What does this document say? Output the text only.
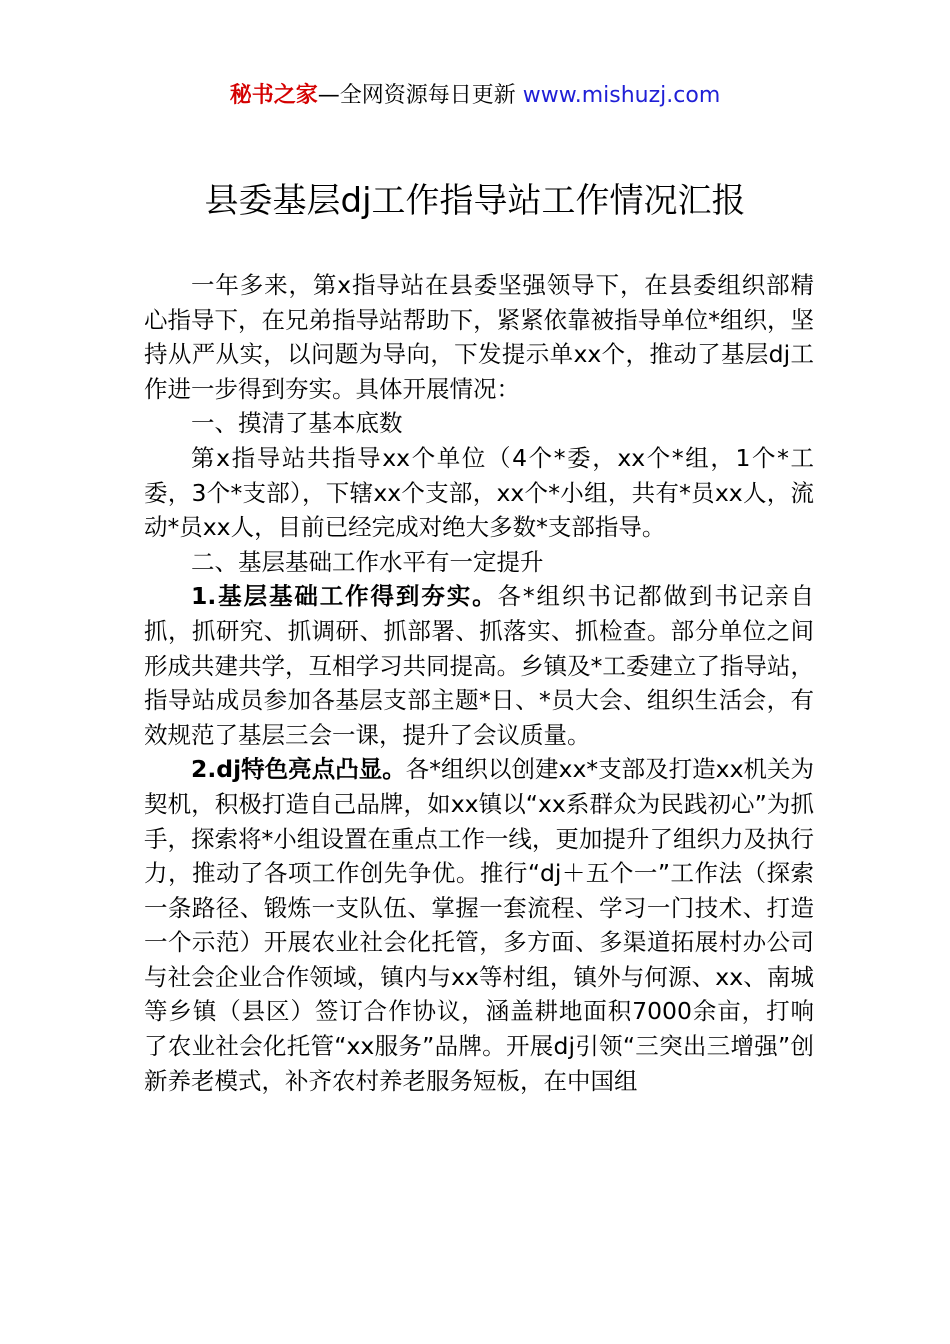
秘书之家—全网资源每日更新 www.mishuzj.com
县委基层dj工作指导站工作情况汇报

一年多来，第x指导站在县委坚强领导下，在县委组织部精心指导下，在兄弟指导站帮助下，紧紧依靠被指导单位*组织，坚持从严从实，以问题为导向，下发提示单xx个，推动了基层dj工作进一步得到夯实。具体开展情况：

一、摸清了基本底数

第x指导站共指导xx个单位（4个*委，xx个*组，1个*工委，3个*支部），下辖xx个支部，xx个*小组，共有*员xx人，流动*员xx人，目前已经完成对绝大多数*支部指导。

二、基层基础工作水平有一定提升

1.基层基础工作得到夯实。各*组织书记都做到书记亲自抓，抓研究、抓调研、抓部署、抓落实、抓检查。部分单位之间形成共建共学，互相学习共同提高。乡镇及*工委建立了指导站，指导站成员参加各基层支部主题*日、*员大会、组织生活会，有效规范了基层三会一课，提升了会议质量。

2.dj特色亮点凸显。各*组织以创建xx*支部及打造xx机关为契机，积极打造自己品牌，如xx镇以“xx系群众为民践初心”为抓手，探索将*小组设置在重点工作一线，更加提升了组织力及执行力，推动了各项工作创先争优。推行“dj＋五个一”工作法（探索一条路径、锻炼一支队伍、掌握一套流程、学习一门技术、打造一个示范）开展农业社会化托管，多方面、多渠道拓展村办公司与社会企业合作领域，镇内与xx等村组，镇外与何源、xx、南城等乡镇（县区）签订合作协议，涵盖耕地面积7000余亩，打响了农业社会化托管“xx服务”品牌。开展dj引领“三突出三增强”创新养老模式，补齐农村养老服务短板，在中国组
